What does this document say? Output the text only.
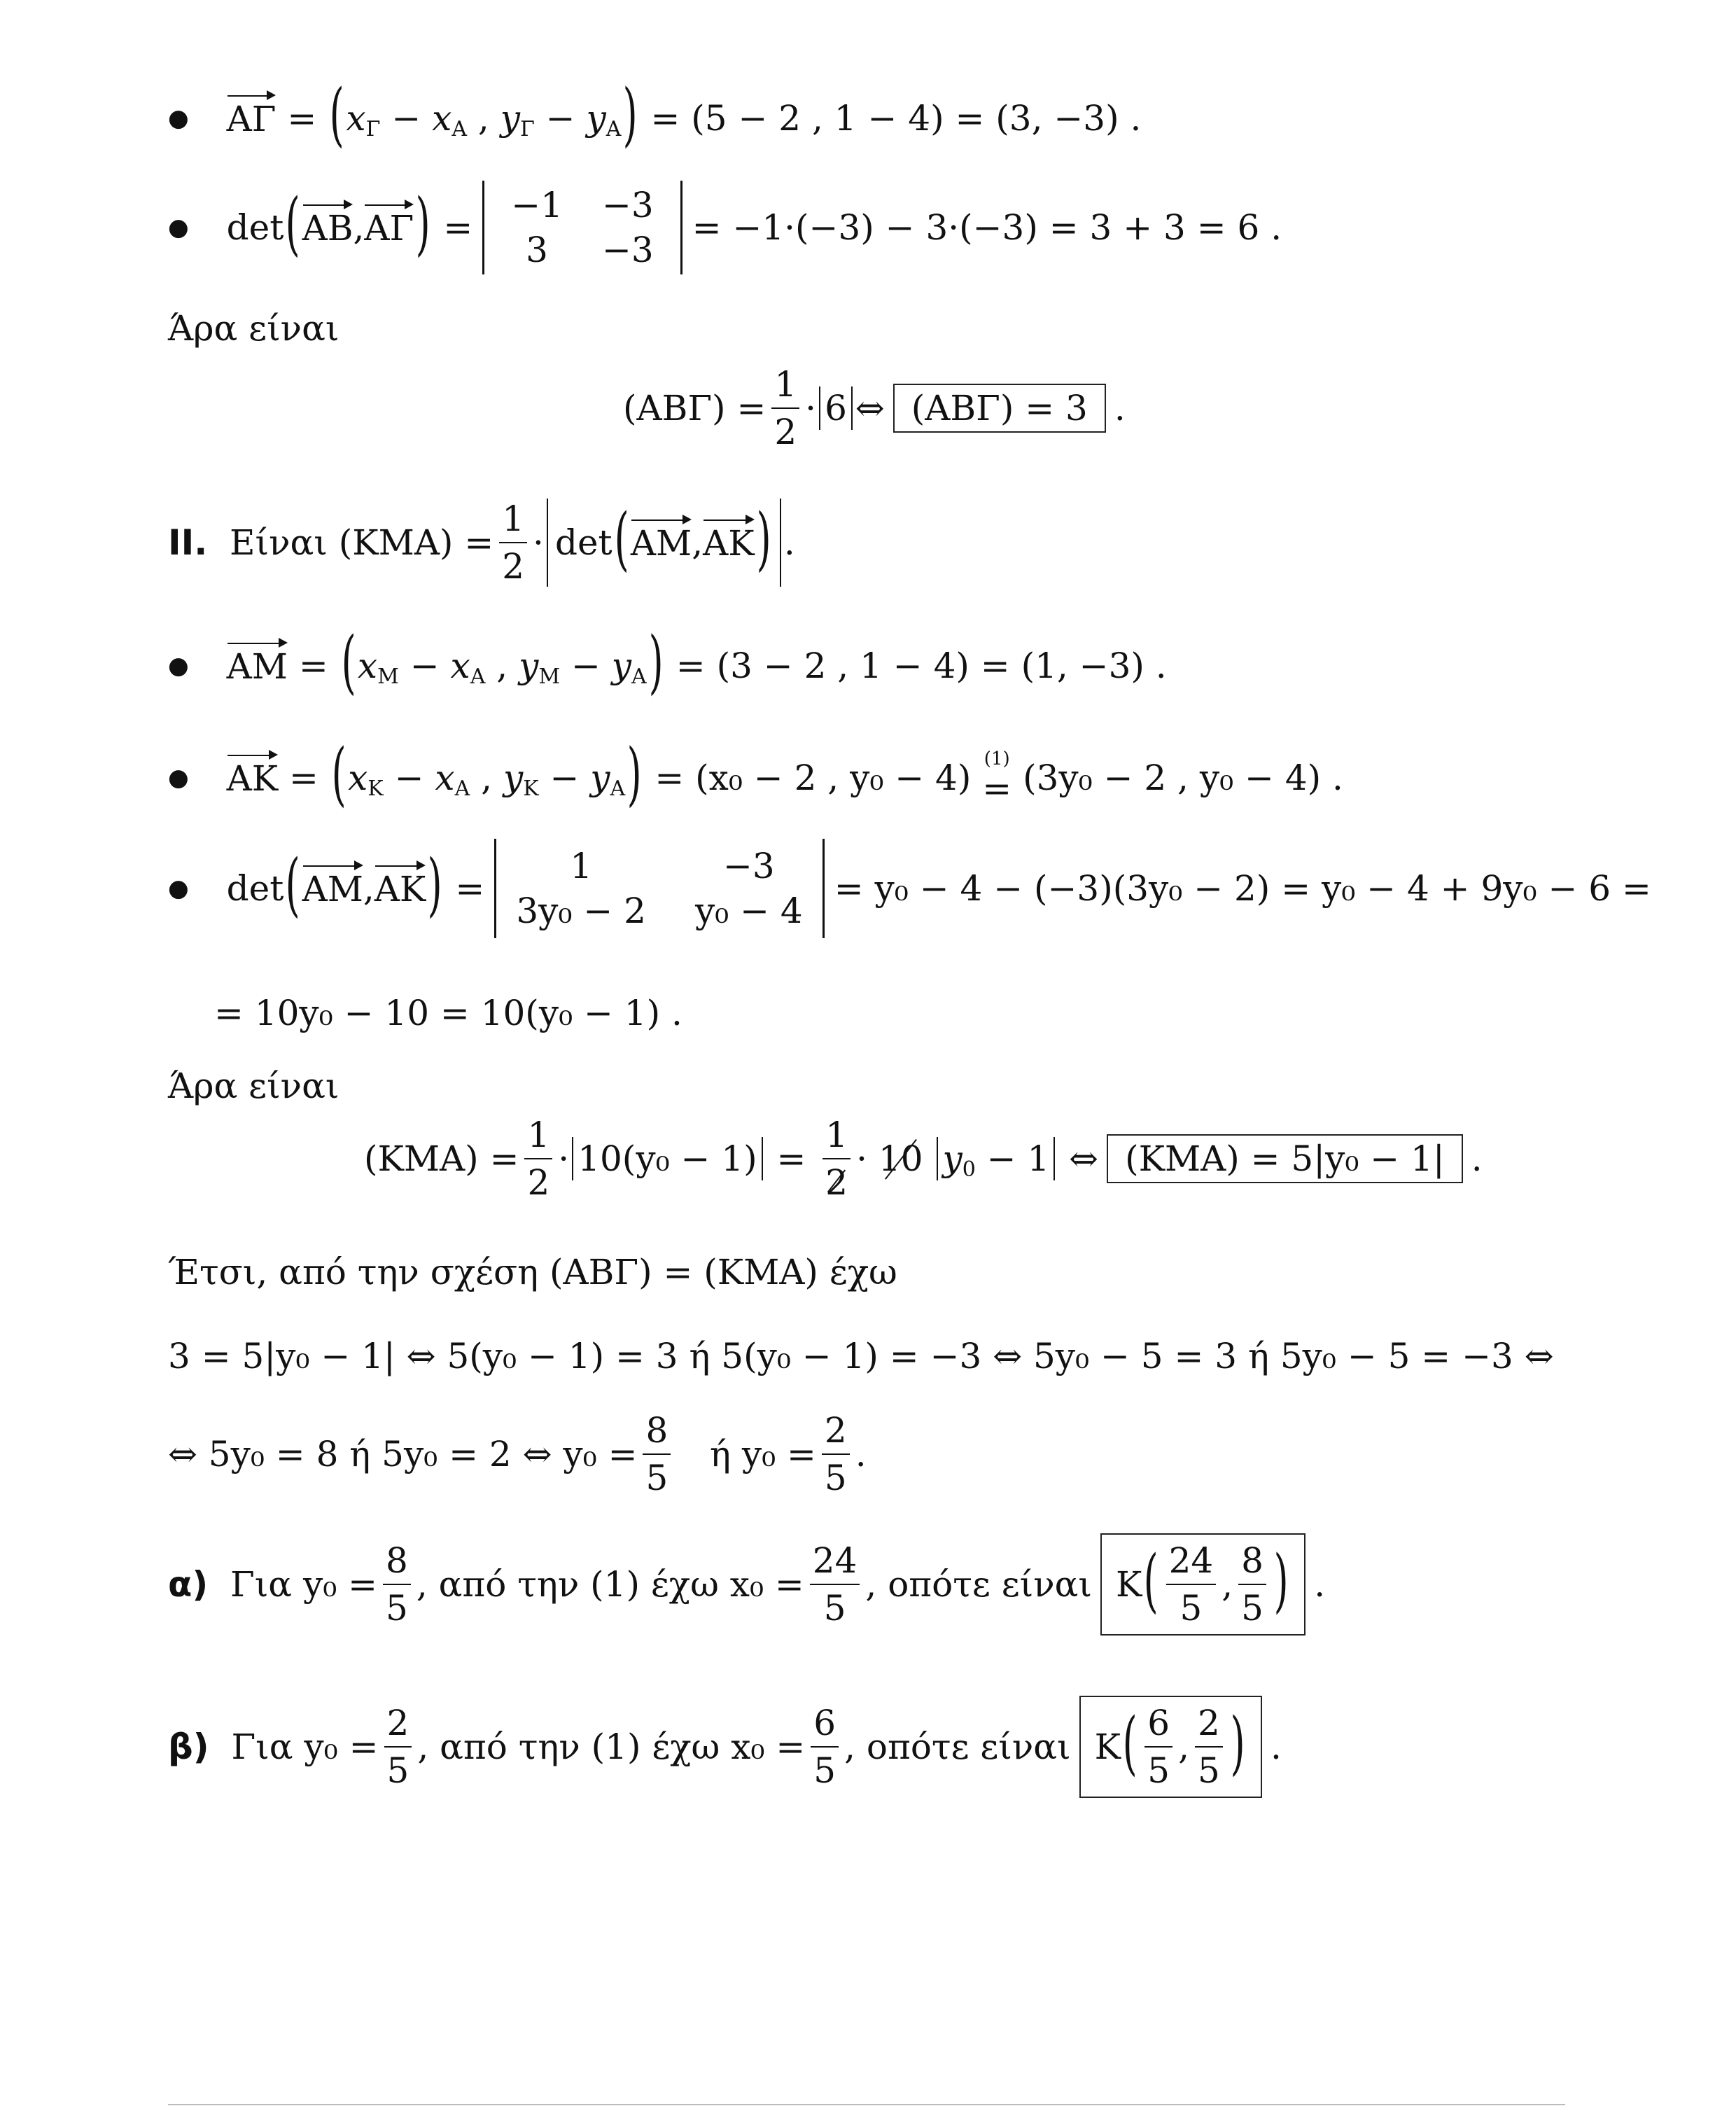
● ΑΓ = ( x Γ − x Α , y Γ − y Α )
= (5 − 2 , 1 − 4) = (3, −3) .
● det ( ΑΒ , ΑΓ ) =
−1 −3
3	−3
= −1·(−3) − 3·(−3) = 3 + 3 = 6 .
Άρα είναι
$(AB\Gamma) = \frac{1}{2} \cdot 6$ ⇔ (ΑΒΓ) = 3 .
II.
Είναι $(KMA) = \frac{1}{2} \cdot \det$ ( ΑΜ , ΑΚ ) .
● ΑΜ = ( x Μ − x Α , y Μ − y Α )
= (3 − 2 , 1 − 4) = (1, −3) .
● ΑΚ = ( x Κ − x Α , y Κ − y Α )
= (x₀ − 2 , y₀ − 4) (1)
= (3y₀ − 2 , y₀ − 4) .
● det ( ΑΜ , ΑΚ ) =
1	−3
3y₀ − 2 y₀ − 4
= y₀ − 4 − (−3)(3y₀ − 2) = y₀ − 4 + 9y₀ − 6 =
= 10y₀ − 10 = 10(y₀ − 1) .
Άρα είναι
$(KMA) = \frac{1}{2} \cdot 10(y_0 - 1) = \frac{1}{2} \cdot 10$
y 0 − 1 ⇔ (ΚΜΑ) = 5|y₀ − 1| .
Έτσι, από την σχέση (ΑΒΓ) = (ΚΜΑ) έχω
3 = 5|y₀ − 1| ⇔ 5(y₀ − 1) = 3 ή 5(y₀ − 1) = −3 ⇔ 5y₀ − 5 = 3 ή 5y₀ − 5 = −3 ⇔
⇔ 5y₀ = 8 ή 5y₀ = 2 ⇔ $y_0 = \frac{8}{5}$
ή $y_0 = \frac{2}{5}$ .
α)
Για $y_0 = \frac{8}{5}$ , από την (1) έχω $x_0 = \frac{24}{5}$ , οπότε είναι Κ ( $\frac{24}{5}$ , $\frac{8}{5}$ ) .
β)
Για $y_0 = \frac{2}{5}$ , από την (1) έχω $x_0 = \frac{6}{5}$ , οπότε είναι Κ ( $\frac{6}{5}$ , $\frac{2}{5}$ ) .
